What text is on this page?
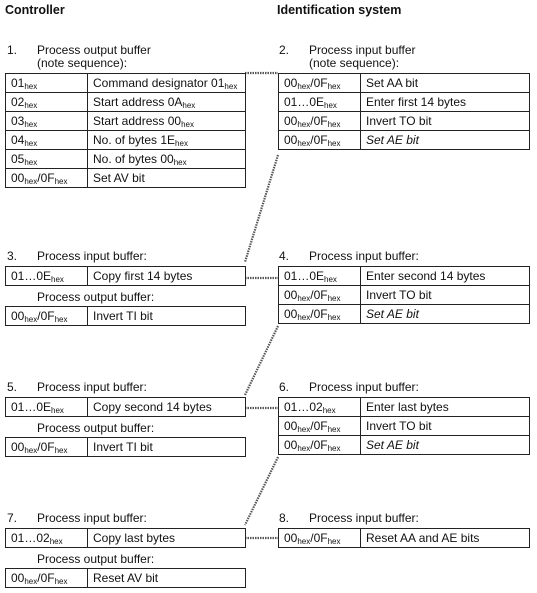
Controller	Identification system
1. Process output buffer
(note sequence):
$01_{hex}$	Command designator $01_{hex}$
$02_{hex}$	Start address $0A_{hex}$
$03_{hex}$	Start address $00_{hex}$
$04_{hex}$	No. of bytes $1E_{hex}$
$05_{hex}$	No. of bytes $00_{hex}$
$00_{hex}/0F_{hex}$	Set AV bit
2. Process input buffer
(note sequence):
$00_{hex}/0F_{hex}$	Set AA bit
$01\dots 0E_{hex}$	Enter first 14 bytes
$00_{hex}/0F_{hex}$	Invert TO bit
$00_{hex}/0F_{hex}$	Set AE bit
3. Process input buffer:
$01\dots 0E_{hex}$	Copy first 14 bytes
Process output buffer:
$00_{hex}/0F_{hex}$	Invert TI bit
4. Process input buffer:
$01\dots 0E_{hex}$	Enter second 14 bytes
$00_{hex}/0F_{hex}$	Invert TO bit
$00_{hex}/0F_{hex}$	Set AE bit
5. Process input buffer:
$01\dots 0E_{hex}$	Copy second 14 bytes
Process output buffer:
$00_{hex}/0F_{hex}$	Invert TI bit
6. Process input buffer:
$01\dots 02_{hex}$	Enter last bytes
$00_{hex}/0F_{hex}$	Invert TO bit
$00_{hex}/0F_{hex}$	Set AE bit
7. Process input buffer:
$01\dots 02_{hex}$	Copy last bytes
Process output buffer:
$00_{hex}/0F_{hex}$	Reset AV bit
8. Process input buffer:
$00_{hex}/0F_{hex}$	Reset AA and AE bits
